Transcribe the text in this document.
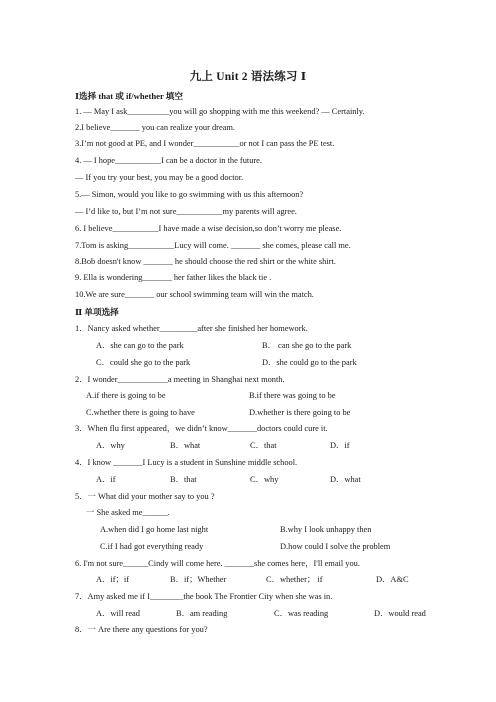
九上 Unit 2 语法练习 Ⅰ
Ⅰ选择 that 或 if/whether 填空
1. — May I ask__________you will go shopping with me this weekend? — Certainly.
2.I believe_______ you can realize your dream.
3.I’m not good at PE, and I wonder___________or not I can pass the PE test.
4. — I hope___________I can be a doctor in the future.
— If you try your best, you may be a good doctor.
5.— Simon, would you like to go swimming with us this afternoon?
— I’d like to, but I’m not sure___________my parents will agree.
6. I believe___________I have made a wise decision,so don’t worry me please.
7.Tom is asking___________Lucy will come. _______ she comes, please call me.
8.Bob doesn't know _______ he should choose the red shirt or the white shirt.
9. Ella is wondering_______ her father likes the black tie .
10.We are sure_______ our school swimming team will win the match.
Ⅱ 单项选择
1．Nancy asked whether_________after she finished her homework.
A．she can go to the park	B． can she go to the park
C．could she go to the park	D．she could go to the park
2．I wonder____________a meeting in Shanghai next month.
A.if there is going to be	B.if there was going to be
C.whether there is going to have	D.whether is there going to be
3．When flu first appeared，we didn’t know_______doctors could cure it.
A．why	B．what	C．that	D．if
4．I know _______I Lucy is a student in Sunshine middle school.
A．if	B．that	C．why	D．what
5．一 What did your mother say to you ?
一 She asked me______.
A.when did I go home last night	B.why I look unhappy then
C.if I had got everything ready	D.how could I solve the problem
6. I'm not sure______Cindy will come here. _______she comes here，I'll email you.
A．if；if	B．if；Whether	C．whether； if	D．A&C
7．Amy asked me if I________the book The Frontier City when she was in.
A．will read	B．am reading	C．was reading	D．would read
8．一 Are there any questions for you?
